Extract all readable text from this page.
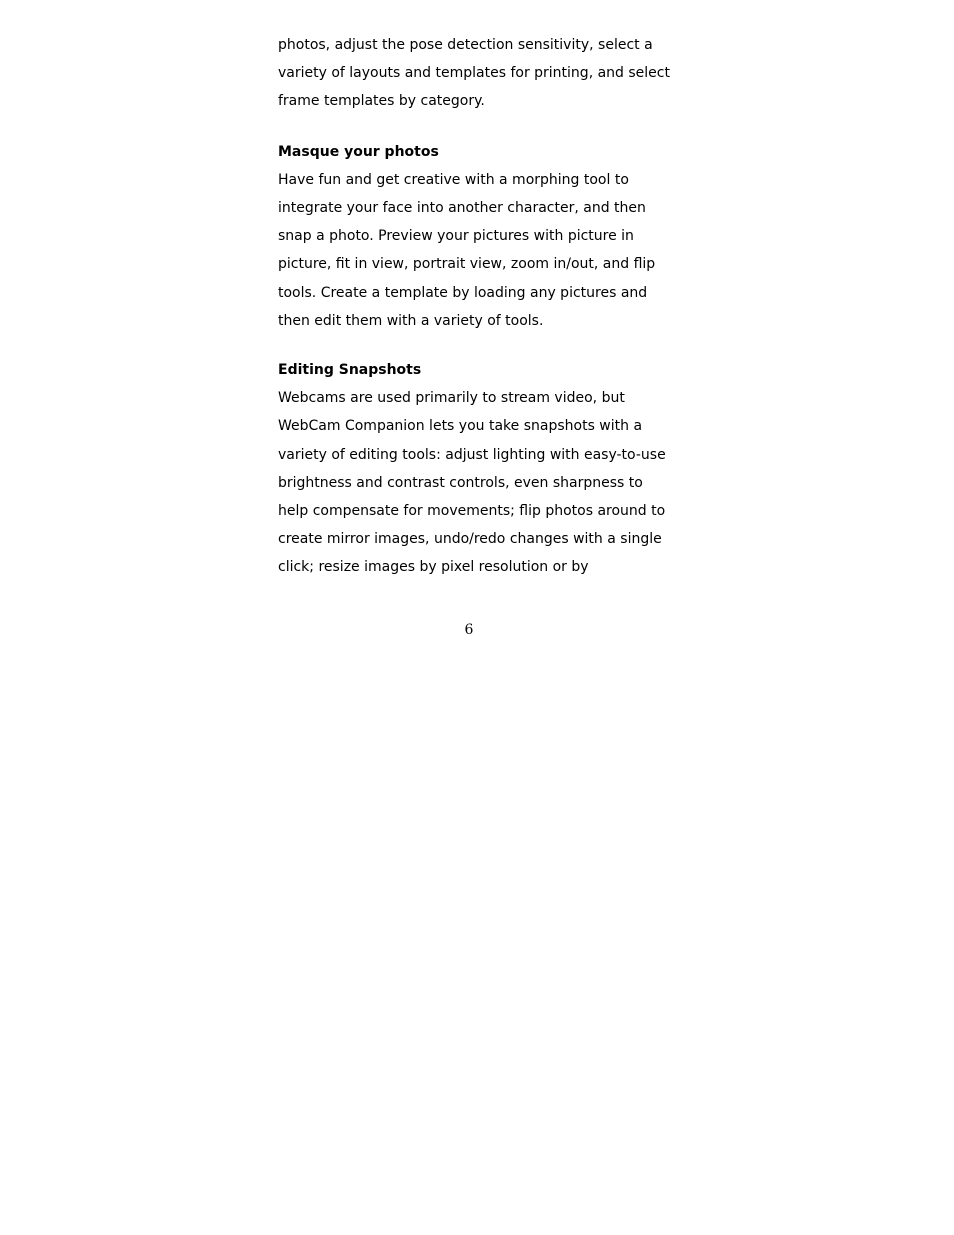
photos, adjust the pose detection sensitivity, select a
variety of layouts and templates for printing, and select
frame templates by category.
Masque your photos
Have fun and get creative with a morphing tool to
integrate your face into another character, and then
snap a photo. Preview your pictures with picture in
picture, fit in view, portrait view, zoom in/out, and flip
tools. Create a template by loading any pictures and
then edit them with a variety of tools.
Editing Snapshots
Webcams are used primarily to stream video, but
WebCam Companion lets you take snapshots with a
variety of editing tools: adjust lighting with easy-to-use
brightness and contrast controls, even sharpness to
help compensate for movements; flip photos around to
create mirror images, undo/redo changes with a single
click; resize images by pixel resolution or by
6
